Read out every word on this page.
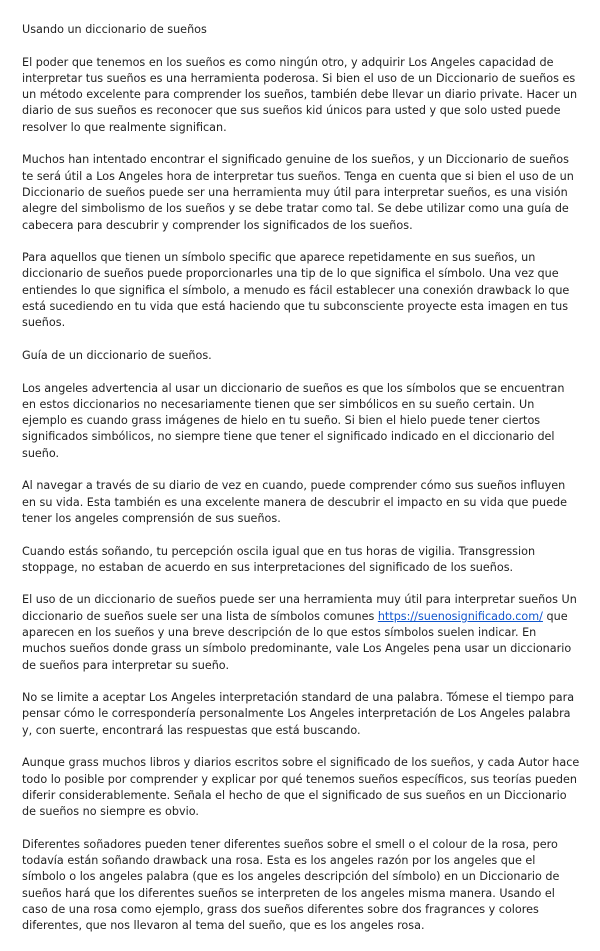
Usando un diccionario de sueños

El poder que tenemos en los sueños es como ningún otro, y adquirir Los Angeles capacidad de interpretar tus sueños es una herramienta poderosa. Si bien el uso de un Diccionario de sueños es un método excelente para comprender los sueños, también debe llevar un diario private. Hacer un diario de sus sueños es reconocer que sus sueños kid únicos para usted y que solo usted puede resolver lo que realmente significan.

Muchos han intentado encontrar el significado genuine de los sueños, y un Diccionario de sueños te será útil a Los Angeles hora de interpretar tus sueños. Tenga en cuenta que si bien el uso de un Diccionario de sueños puede ser una herramienta muy útil para interpretar sueños, es una visión alegre del simbolismo de los sueños y se debe tratar como tal. Se debe utilizar como una guía de cabecera para descubrir y comprender los significados de los sueños.

Para aquellos que tienen un símbolo specific que aparece repetidamente en sus sueños, un diccionario de sueños puede proporcionarles una tip de lo que significa el símbolo. Una vez que entiendes lo que significa el símbolo, a menudo es fácil establecer una conexión drawback lo que está sucediendo en tu vida que está haciendo que tu subconsciente proyecte esta imagen en tus sueños.

Guía de un diccionario de sueños.

Los angeles advertencia al usar un diccionario de sueños es que los símbolos que se encuentran en estos diccionarios no necesariamente tienen que ser simbólicos en su sueño certain. Un ejemplo es cuando grass imágenes de hielo en tu sueño. Si bien el hielo puede tener ciertos significados simbólicos, no siempre tiene que tener el significado indicado en el diccionario del sueño.

Al navegar a través de su diario de vez en cuando, puede comprender cómo sus sueños influyen en su vida. Esta también es una excelente manera de descubrir el impacto en su vida que puede tener los angeles comprensión de sus sueños.

Cuando estás soñando, tu percepción oscila igual que en tus horas de vigilia. Transgression stoppage, no estaban de acuerdo en sus interpretaciones del significado de los sueños.

El uso de un diccionario de sueños puede ser una herramienta muy útil para interpretar sueños Un diccionario de sueños suele ser una lista de símbolos comunes https://suenosignificado.com/ que aparecen en los sueños y una breve descripción de lo que estos símbolos suelen indicar. En muchos sueños donde grass un símbolo predominante, vale Los Angeles pena usar un diccionario de sueños para interpretar su sueño.

No se limite a aceptar Los Angeles interpretación standard de una palabra. Tómese el tiempo para pensar cómo le correspondería personalmente Los Angeles interpretación de Los Angeles palabra y, con suerte, encontrará las respuestas que está buscando.

Aunque grass muchos libros y diarios escritos sobre el significado de los sueños, y cada Autor hace todo lo posible por comprender y explicar por qué tenemos sueños específicos, sus teorías pueden diferir considerablemente. Señala el hecho de que el significado de sus sueños en un Diccionario de sueños no siempre es obvio.

Diferentes soñadores pueden tener diferentes sueños sobre el smell o el colour de la rosa, pero todavía están soñando drawback una rosa. Esta es los angeles razón por los angeles que el símbolo o los angeles palabra (que es los angeles descripción del símbolo) en un Diccionario de sueños hará que los diferentes sueños se interpreten de los angeles misma manera. Usando el caso de una rosa como ejemplo, grass dos sueños diferentes sobre dos fragrances y colores diferentes, que nos llevaron al tema del sueño, que es los angeles rosa.
